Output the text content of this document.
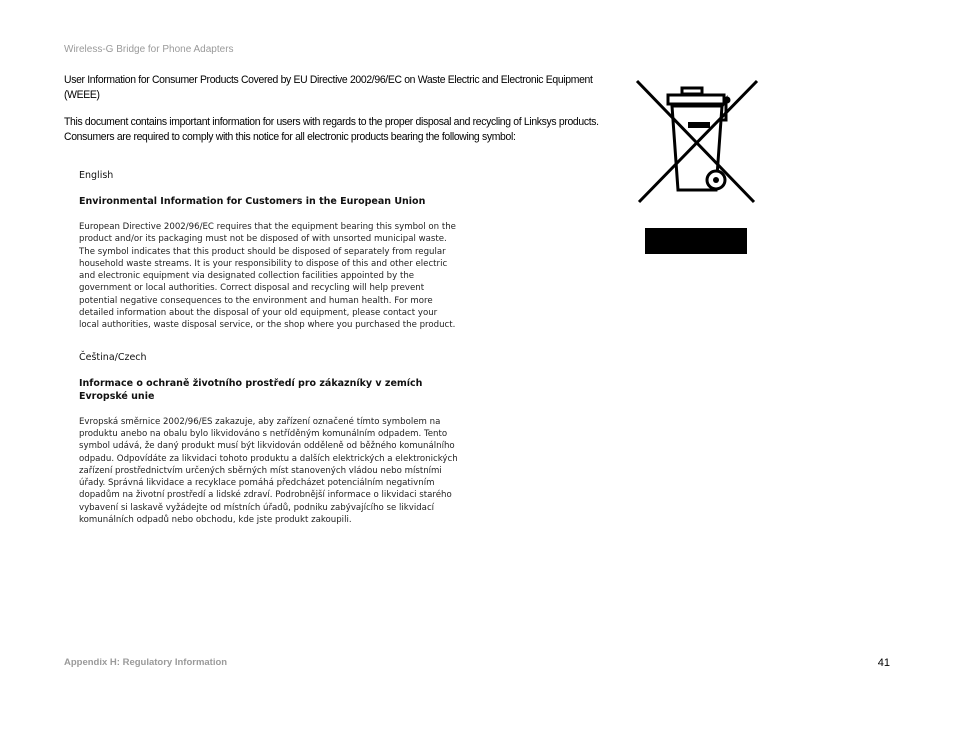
Wireless-G Bridge for Phone Adapters

User Information for Consumer Products Covered by EU Directive 2002/96/EC on Waste Electric and Electronic Equipment (WEEE)

This document contains important information for users with regards to the proper disposal and recycling of Linksys products. Consumers are required to comply with this notice for all electronic products bearing the following symbol:

English
Environmental Information for Customers in the European Union
European Directive 2002/96/EC requires that the equipment bearing this symbol on the product and/or its packaging must not be disposed of with unsorted municipal waste. The symbol indicates that this product should be disposed of separately from regular household waste streams. It is your responsibility to dispose of this and other electric and electronic equipment via designated collection facilities appointed by the government or local authorities. Correct disposal and recycling will help prevent potential negative consequences to the environment and human health. For more detailed information about the disposal of your old equipment, please contact your local authorities, waste disposal service, or the shop where you purchased the product.
Čeština/Czech
Informace o ochraně životního prostředí pro zákazníky v zemích Evropské unie
Evropská směrnice 2002/96/ES zakazuje, aby zařízení označené tímto symbolem na produktu anebo na obalu bylo likvidováno s netříděným komunálním odpadem. Tento symbol udává, že daný produkt musí být likvidován odděleně od běžného komunálního odpadu. Odpovídáte za likvidaci tohoto produktu a dalších elektrických a elektronických zařízení prostřednictvím určených sběrných míst stanovených vládou nebo místními úřady. Správná likvidace a recyklace pomáhá předcházet potenciálním negativním dopadům na životní prostředí a lidské zdraví. Podrobnější informace o likvidaci starého vybavení si laskavě vyžádejte od místních úřadů, podniku zabývajícího se likvidací komunálních odpadů nebo obchodu, kde jste produkt zakoupili.
Appendix H: Regulatory Information	41
